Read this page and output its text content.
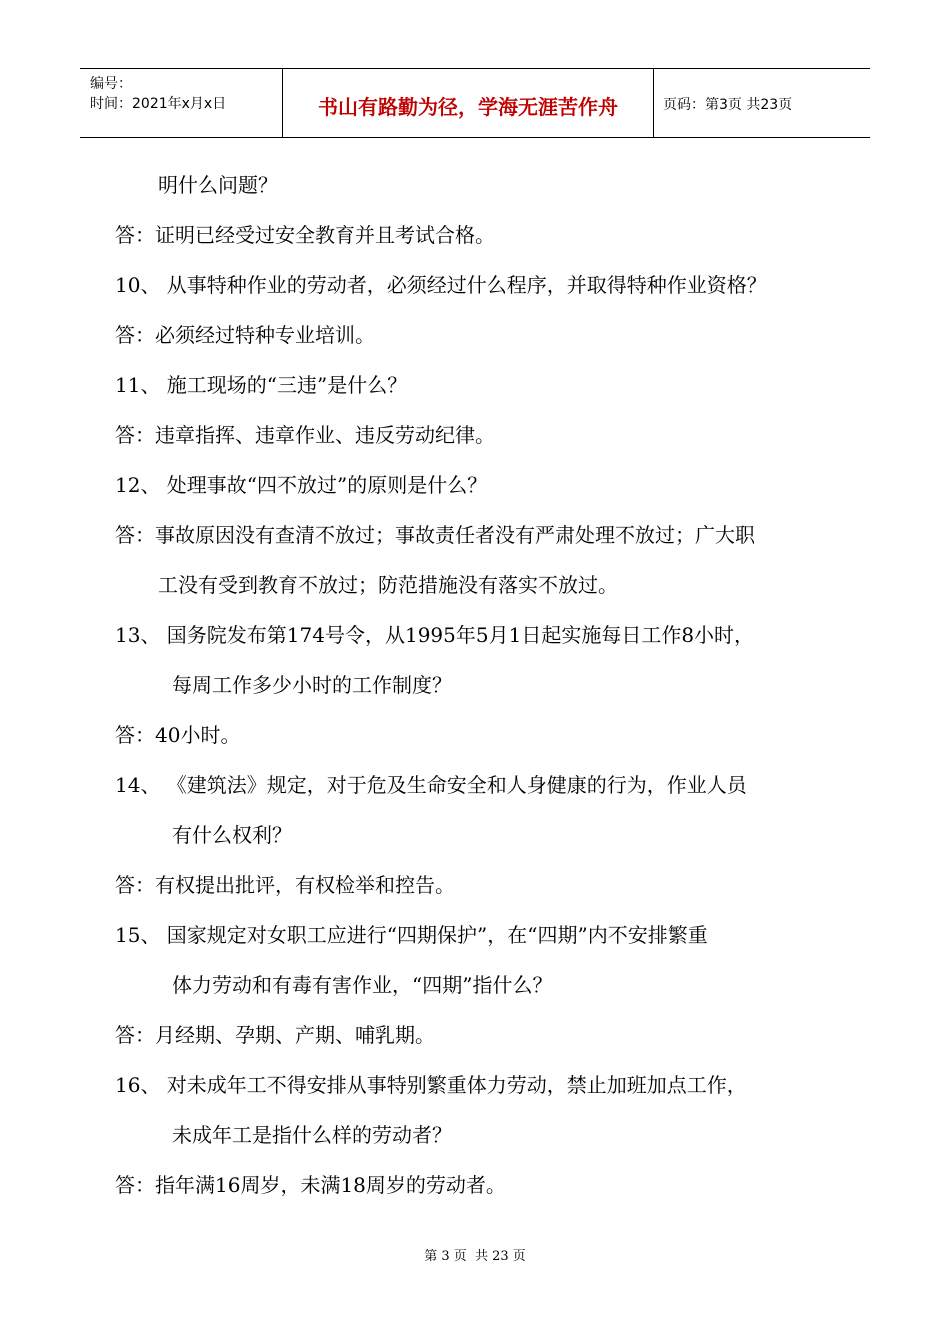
编号：
时间：2021年x月x日	书山有路勤为径，学海无涯苦作舟	页码：第3页 共23页
明什么问题？
答：证明已经受过安全教育并且考试合格。
10、 从事特种作业的劳动者，必须经过什么程序，并取得特种作业资格？
答：必须经过特种专业培训。
11、 施工现场的“三违”是什么？
答：违章指挥、违章作业、违反劳动纪律。
12、 处理事故“四不放过”的原则是什么？
答：事故原因没有查清不放过；事故责任者没有严肃处理不放过；广大职
工没有受到教育不放过；防范措施没有落实不放过。
13、 国务院发布第174号令，从1995年5月1日起实施每日工作8小时，
每周工作多少小时的工作制度？
答：40小时。
14、 《建筑法》规定，对于危及生命安全和人身健康的行为，作业人员
有什么权利？
答：有权提出批评，有权检举和控告。
15、 国家规定对女职工应进行“四期保护”，在“四期”内不安排繁重
体力劳动和有毒有害作业，“四期”指什么？
答：月经期、孕期、产期、哺乳期。
16、 对未成年工不得安排从事特别繁重体力劳动，禁止加班加点工作，
未成年工是指什么样的劳动者？
答：指年满16周岁，未满18周岁的劳动者。
第 3 页  共 23 页
